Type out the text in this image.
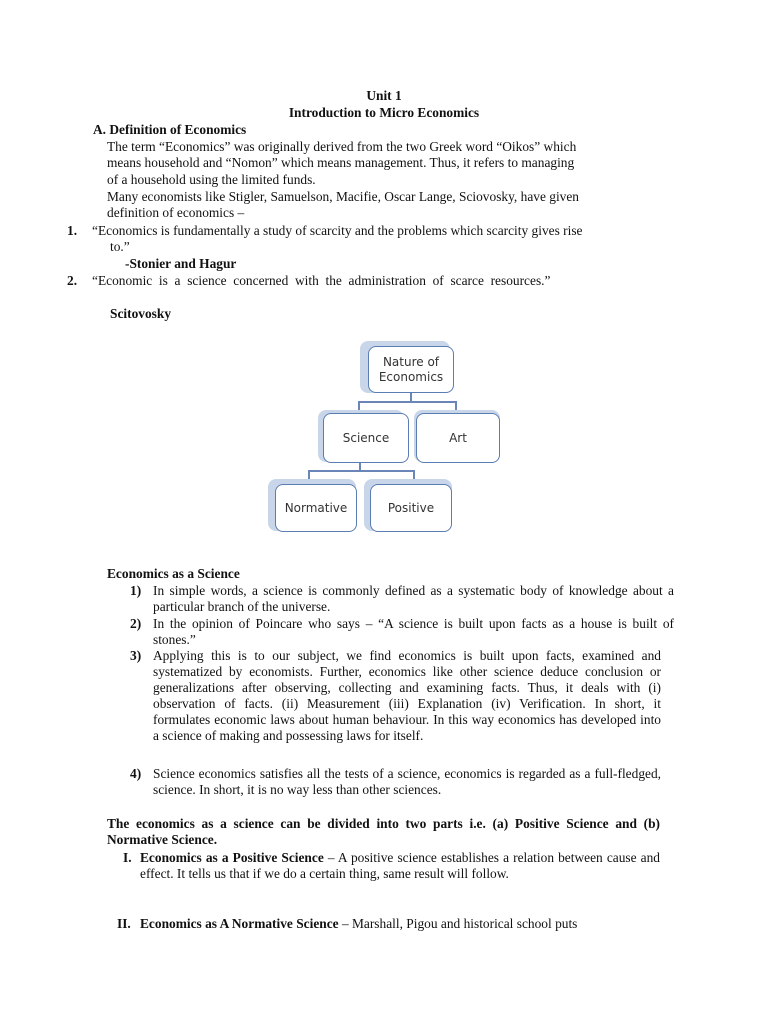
Unit 1
Introduction to Micro Economics
A. Definition of Economics
The term “Economics” was originally derived from the two Greek word “Oikos” which
means household and “Nomon” which means management. Thus, it refers to managing
of a household using the limited funds.
Many economists like Stigler, Samuelson, Macifie, Oscar Lange, Sciovosky, have given
definition of economics –
1. “Economics is fundamentally a study of scarcity and the problems which scarcity gives rise
to.”
-Stonier and Hagur
2. “Economic  is  a  science  concerned  with  the  administration  of  scarce  resources.”
Scitovosky
Nature of Economics
Science	Art
Normative	Positive
Economics as a Science
1) In simple words, a science is commonly defined as a systematic body of knowledge about a particular branch of the universe.
2) In the opinion of Poincare who says – “A science is built upon facts as a house is built of stones.”
3) Applying this is to our subject, we find economics is built upon facts, examined and systematized by economists. Further, economics like other science deduce conclusion or generalizations after observing, collecting and examining facts. Thus, it deals with (i) observation of facts. (ii) Measurement (iii) Explanation (iv) Verification. In short, it formulates economic laws about human behaviour. In this way economics has developed into a science of making and possessing laws for itself.
4) Science economics satisfies all the tests of a science, economics is regarded as a full-fledged, science. In short, it is no way less than other sciences.
The economics as a science can be divided into two parts i.e. (a) Positive Science and (b) Normative Science.
I. Economics as a Positive Science – A positive science establishes a relation between cause and effect. It tells us that if we do a certain thing, same result will follow.
II. Economics as A Normative Science – Marshall, Pigou and historical school puts
